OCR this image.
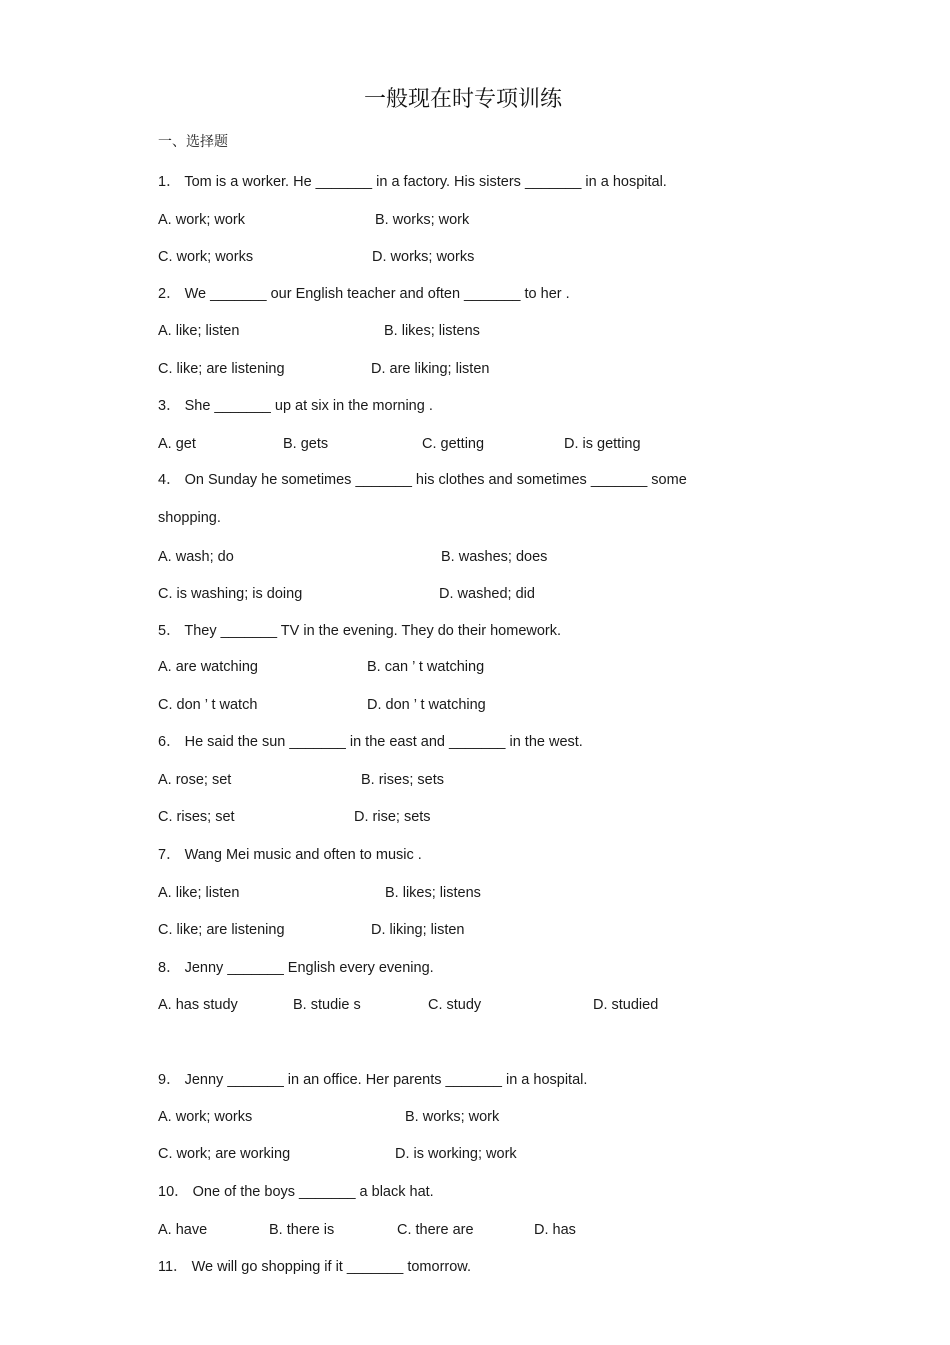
一般现在时专项训练
一、选择题
1． Tom is a worker. He _______ in a factory. His sisters _______ in a hospital.
A. work; work	B. works; work
C. work; works	D. works; works
2． We _______ our English teacher and often _______ to her .
A. like; listen	B. likes; listens
C. like; are listening	D. are liking; listen
3． She _______ up at six in the morning .
A. get	B. gets	C. getting	D. is getting
4． On Sunday he sometimes _______ his clothes and sometimes _______ some
shopping.
A. wash; do	B. washes; does
C. is washing; is doing	D. washed; did
5． They _______ TV in the evening. They do their homework.
A. are watching	B. can ’ t watching
C. don ’ t watch	D. don ’ t watching
6． He said the sun _______ in the east and _______ in the west.
A. rose; set	B. rises; sets
C. rises; set	D. rise; sets
7． Wang Mei music and often to music .
A. like; listen	B. likes; listens
C. like; are listening	D. liking; listen
8． Jenny _______ English every evening.
A. has study	B. studie s	C. study	D. studied
9． Jenny _______ in an office. Her parents _______ in a hospital.
A. work; works	B. works; work
C. work; are working	D. is working; work
10． One of the boys _______ a black hat.
A. have	B. there is	C. there are	D. has
11． We will go shopping if it _______ tomorrow.
